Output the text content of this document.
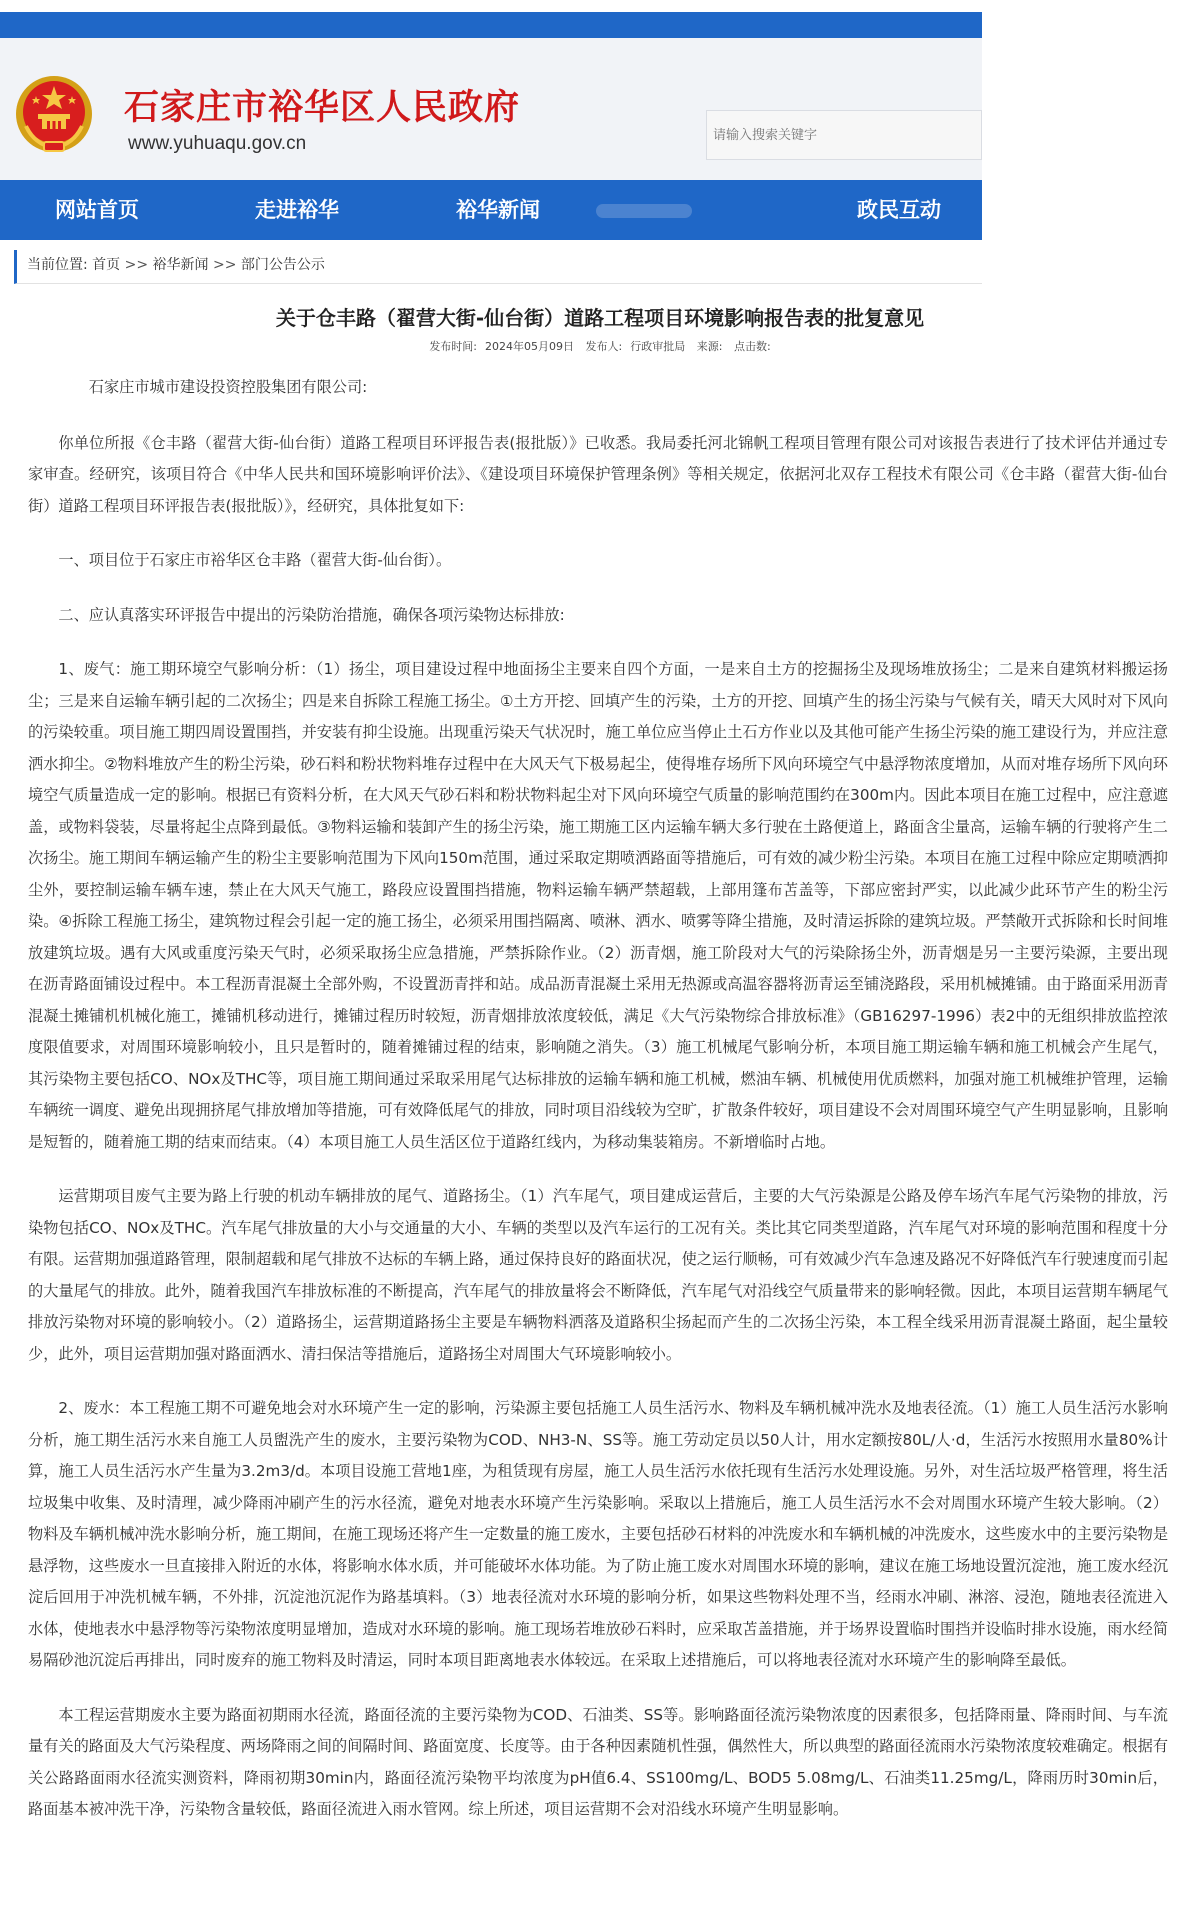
石家庄市裕华区人民政府
www.yuhuaqu.gov.cn
请输入搜索关键字
网站首页	走进裕华	裕华新闻	政民互动
当前位置: 首页 >> 裕华新闻 >> 部门公告公示
关于仓丰路（翟营大街-仙台街）道路工程项目环境影响报告表的批复意见
发布时间: 2024年05月09日 发布人: 行政审批局 来源: 点击数:

石家庄市城市建设投资控股集团有限公司:

你单位所报《仓丰路（翟营大街-仙台街）道路工程项目环评报告表(报批版）》已收悉。我局委托河北锦帆工程项目管理有限公司对该报告表进行了技术评估并通过专家审查。经研究，该项目符合《中华人民共和国环境影响评价法》、《建设项目环境保护管理条例》等相关规定，依据河北双存工程技术有限公司《仓丰路（翟营大街-仙台街）道路工程项目环评报告表(报批版）》，经研究，具体批复如下:

一、项目位于石家庄市裕华区仓丰路（翟营大街-仙台街）。

二、应认真落实环评报告中提出的污染防治措施，确保各项污染物达标排放:

1、废气：施工期环境空气影响分析：（1）扬尘，项目建设过程中地面扬尘主要来自四个方面，一是来自土方的挖掘扬尘及现场堆放扬尘；二是来自建筑材料搬运扬尘；三是来自运输车辆引起的二次扬尘；四是来自拆除工程施工扬尘。①土方开挖、回填产生的污染，土方的开挖、回填产生的扬尘污染与气候有关，晴天大风时对下风向的污染较重。项目施工期四周设置围挡，并安装有抑尘设施。出现重污染天气状况时，施工单位应当停止土石方作业以及其他可能产生扬尘污染的施工建设行为，并应注意洒水抑尘。②物料堆放产生的粉尘污染，砂石料和粉状物料堆存过程中在大风天气下极易起尘，使得堆存场所下风向环境空气中悬浮物浓度增加，从而对堆存场所下风向环境空气质量造成一定的影响。根据已有资料分析，在大风天气砂石料和粉状物料起尘对下风向环境空气质量的影响范围约在300m内。因此本项目在施工过程中，应注意遮盖，或物料袋装，尽量将起尘点降到最低。③物料运输和装卸产生的扬尘污染，施工期施工区内运输车辆大多行驶在土路便道上，路面含尘量高，运输车辆的行驶将产生二次扬尘。施工期间车辆运输产生的粉尘主要影响范围为下风向150m范围，通过采取定期喷洒路面等措施后，可有效的减少粉尘污染。本项目在施工过程中除应定期喷洒抑尘外，要控制运输车辆车速，禁止在大风天气施工，路段应设置围挡措施，物料运输车辆严禁超载，上部用篷布苫盖等，下部应密封严实，以此减少此环节产生的粉尘污染。④拆除工程施工扬尘，建筑物过程会引起一定的施工扬尘，必须采用围挡隔离、喷淋、洒水、喷雾等降尘措施，及时清运拆除的建筑垃圾。严禁敞开式拆除和长时间堆放建筑垃圾。遇有大风或重度污染天气时，必须采取扬尘应急措施，严禁拆除作业。（2）沥青烟，施工阶段对大气的污染除扬尘外，沥青烟是另一主要污染源，主要出现在沥青路面铺设过程中。本工程沥青混凝土全部外购，不设置沥青拌和站。成品沥青混凝土采用无热源或高温容器将沥青运至铺浇路段，采用机械摊铺。由于路面采用沥青混凝土摊铺机机械化施工，摊铺机移动进行，摊铺过程历时较短，沥青烟排放浓度较低，满足《大气污染物综合排放标准》（GB16297-1996）表2中的无组织排放监控浓度限值要求，对周围环境影响较小，且只是暂时的，随着摊铺过程的结束，影响随之消失。（3）施工机械尾气影响分析，本项目施工期运输车辆和施工机械会产生尾气，其污染物主要包括CO、NOx及THC等，项目施工期间通过采取采用尾气达标排放的运输车辆和施工机械，燃油车辆、机械使用优质燃料，加强对施工机械维护管理，运输车辆统一调度、避免出现拥挤尾气排放增加等措施，可有效降低尾气的排放，同时项目沿线较为空旷，扩散条件较好，项目建设不会对周围环境空气产生明显影响，且影响是短暂的，随着施工期的结束而结束。（4）本项目施工人员生活区位于道路红线内，为移动集装箱房。不新增临时占地。

运营期项目废气主要为路上行驶的机动车辆排放的尾气、道路扬尘。（1）汽车尾气，项目建成运营后，主要的大气污染源是公路及停车场汽车尾气污染物的排放，污染物包括CO、NOx及THC。汽车尾气排放量的大小与交通量的大小、车辆的类型以及汽车运行的工况有关。类比其它同类型道路，汽车尾气对环境的影响范围和程度十分有限。运营期加强道路管理，限制超载和尾气排放不达标的车辆上路，通过保持良好的路面状况，使之运行顺畅，可有效减少汽车急速及路况不好降低汽车行驶速度而引起的大量尾气的排放。此外，随着我国汽车排放标准的不断提高，汽车尾气的排放量将会不断降低，汽车尾气对沿线空气质量带来的影响轻微。因此，本项目运营期车辆尾气排放污染物对环境的影响较小。（2）道路扬尘，运营期道路扬尘主要是车辆物料洒落及道路积尘扬起而产生的二次扬尘污染，本工程全线采用沥青混凝土路面，起尘量较少，此外，项目运营期加强对路面洒水、清扫保洁等措施后，道路扬尘对周围大气环境影响较小。

2、废水：本工程施工期不可避免地会对水环境产生一定的影响，污染源主要包括施工人员生活污水、物料及车辆机械冲洗水及地表径流。（1）施工人员生活污水影响分析，施工期生活污水来自施工人员盥洗产生的废水，主要污染物为COD、NH3-N、SS等。施工劳动定员以50人计，用水定额按80L/人·d，生活污水按照用水量80%计算，施工人员生活污水产生量为3.2m3/d。本项目设施工营地1座，为租赁现有房屋，施工人员生活污水依托现有生活污水处理设施。另外，对生活垃圾严格管理，将生活垃圾集中收集、及时清理，减少降雨冲刷产生的污水径流，避免对地表水环境产生污染影响。采取以上措施后，施工人员生活污水不会对周围水环境产生较大影响。（2）物料及车辆机械冲洗水影响分析，施工期间，在施工现场还将产生一定数量的施工废水，主要包括砂石材料的冲洗废水和车辆机械的冲洗废水，这些废水中的主要污染物是悬浮物，这些废水一旦直接排入附近的水体，将影响水体水质，并可能破坏水体功能。为了防止施工废水对周围水环境的影响，建议在施工场地设置沉淀池，施工废水经沉淀后回用于冲洗机械车辆，不外排，沉淀池沉泥作为路基填料。（3）地表径流对水环境的影响分析，如果这些物料处理不当，经雨水冲刷、淋溶、浸泡，随地表径流进入水体，使地表水中悬浮物等污染物浓度明显增加，造成对水环境的影响。施工现场若堆放砂石料时，应采取苫盖措施，并于场界设置临时围挡并设临时排水设施，雨水经简易隔砂池沉淀后再排出，同时废弃的施工物料及时清运，同时本项目距离地表水体较远。在采取上述措施后，可以将地表径流对水环境产生的影响降至最低。

本工程运营期废水主要为路面初期雨水径流，路面径流的主要污染物为COD、石油类、SS等。影响路面径流污染物浓度的因素很多，包括降雨量、降雨时间、与车流量有关的路面及大气污染程度、两场降雨之间的间隔时间、路面宽度、长度等。由于各种因素随机性强，偶然性大，所以典型的路面径流雨水污染物浓度较难确定。根据有关公路路面雨水径流实测资料，降雨初期30min内，路面径流污染物平均浓度为pH值6.4、SS100mg/L、BOD5 5.08mg/L、石油类11.25mg/L，降雨历时30min后，路面基本被冲洗干净，污染物含量较低，路面径流进入雨水管网。综上所述，项目运营期不会对沿线水环境产生明显影响。
